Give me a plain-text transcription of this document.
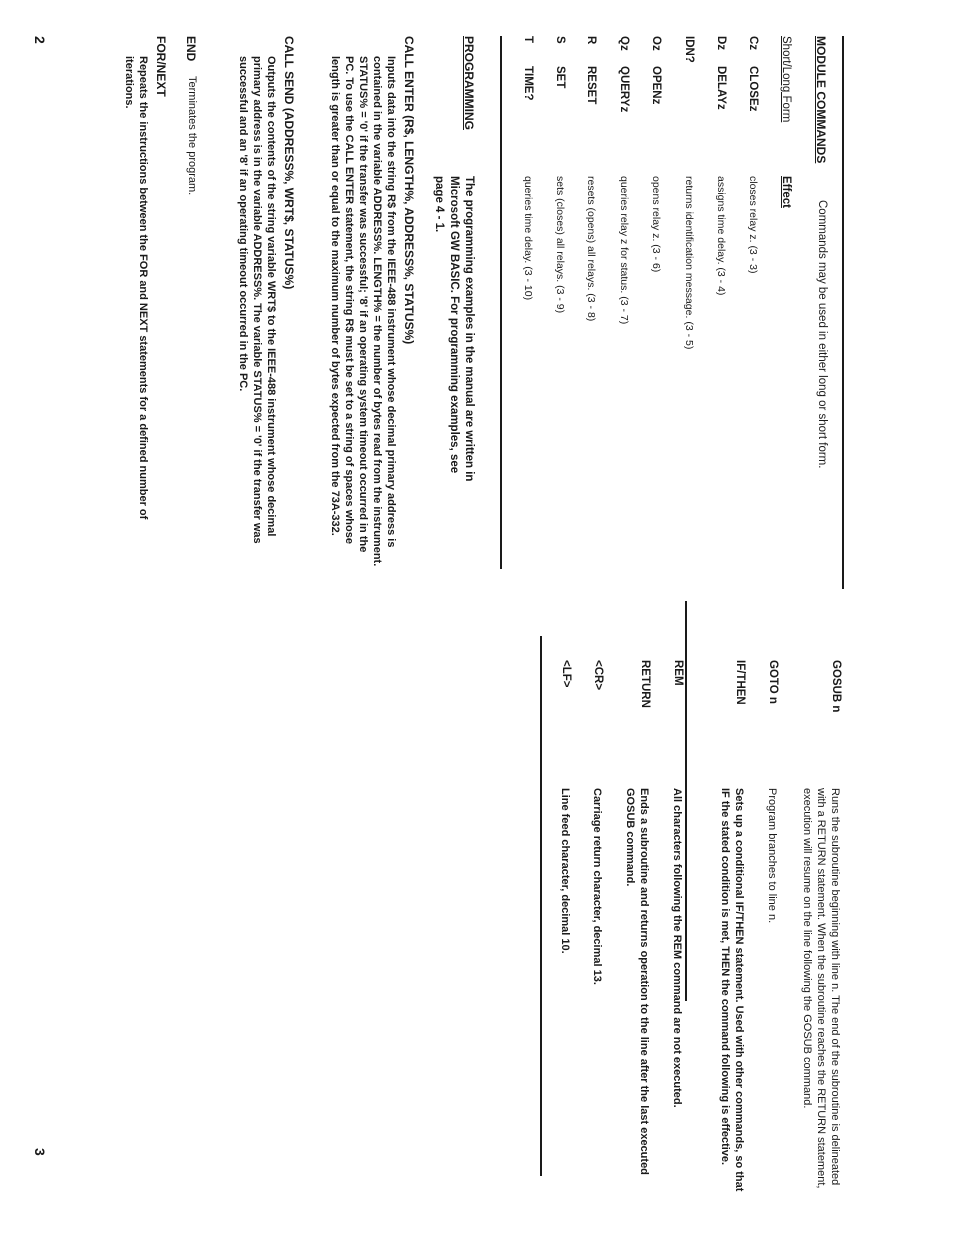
2	MODULE COMMANDS
Commands may be used in either long or short form.
Short/Long Form
Effect
Cz
CLOSEz
closes relay z. (3 - 3)
Dz
DELAYz
assigns time delay. (3 - 4)
IDN?
returns identification message. (3 - 5)
Oz
OPENz
opens relay z. (3 - 6)
Qz
QUERYz
queries relay z for status. (3 - 7)
R
RESET
resets (opens) all relays. (3 - 8)
S
SET
sets (closes) all relays. (3 - 9)
T
TIME?
queries time delay. (3 - 10)
PROGRAMMING

The programming examples in the manual are written in Microsoft GW BASIC. For programming examples, see page 4 - 1.

CALL ENTER (R$, LENGTH%, ADDRESS%, STATUS%)

Inputs data into the string R$ from the IEEE-488 instrument whose decimal primary address is contained in the variable ADDRESS%. LENGTH% = the number of bytes read from the instrument. STATUS% = '0' if the transfer was successful; '8' if an operating system timeout occurred in the PC. To use the CALL ENTER statement, the string R$ must be set to a string of spaces whose length is greater than or equal to the maximum number of bytes expected from the 73A-332.

CALL SEND (ADDRESS%, WRT$, STATUS%)

Outputs the contents of the string variable WRT$ to the IEEE-488 instrument whose decimal primary address is in the variable ADDRESS%. The variable STATUS% = '0' if the transfer was successful and an '8' if an operating timeout occurred in the PC.

END
Terminates the program.
FOR/NEXT

Repeats the instructions between the FOR and NEXT statements for a defined number of iterations.

GOSUB n

Runs the subroutine beginning with line n. The end of the subroutine is delineated with a RETURN statement. When the subroutine reaches the RETURN statement, execution will resume on the line following the GOSUB command.

GOTO n

Program branches to line n.

IF/THEN

Sets up a conditional IF/THEN statement. Used with other commands, so that IF the stated condition is met, THEN the command following is effective.

REM

All characters following the REM command are not executed.

RETURN

Ends a subroutine and returns operation to the line after the last executed GOSUB command.

<CR>

Carriage return character, decimal 13.

<LF>

Line feed character, decimal 10.

3
